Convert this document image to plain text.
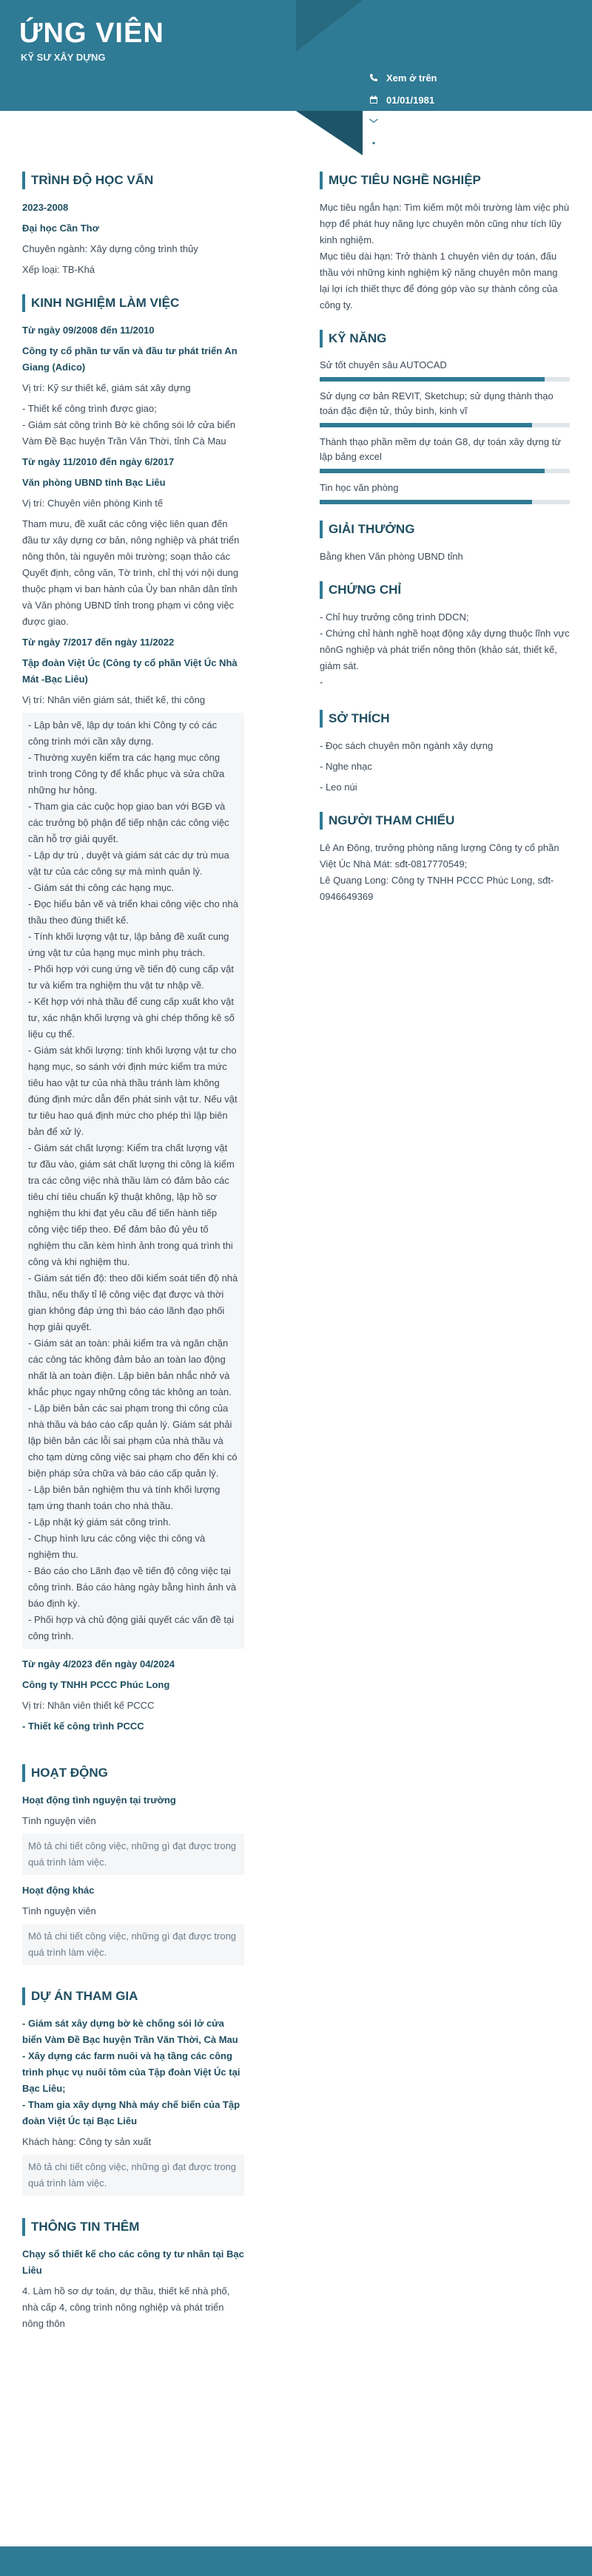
ỨNG VIÊN
KỸ SƯ XÂY DỰNG
Xem ở trên
01/01/1981
Xem ở trên
025c/1, khóm Đầu Lộ A, Nhà Mát, BL
TRÌNH ĐỘ HỌC VẤN

2023-2008

Đại học Cần Thơ

Chuyên ngành: Xây dựng công trình thủy

Xếp loại: TB-Khá

KINH NGHIỆM LÀM VIỆC

Từ ngày 09/2008 đến 11/2010

Công ty cổ phần tư vấn và đầu tư phát triển An Giang (Adico)

Vị trí: Kỹ sư thiết kế, giám sát xây dựng

- Thiết kế công trình được giao;

- Giám sát công trình Bờ kè chống sói lở cửa biển Vàm Đề Bạc huyện Trần Văn Thời, tỉnh Cà Mau

Từ ngày 11/2010 đến ngày 6/2017

Văn phòng UBND tỉnh Bạc Liêu

Vị trí: Chuyên viên phòng Kinh tế

Tham mưu, đề xuất các công việc liên quan đến đầu tư xây dựng cơ bản, nông nghiệp và phát triển nông thôn, tài nguyên môi trường; soạn thảo các Quyết định, công văn, Tờ trình, chỉ thị với nội dung thuộc phạm vi ban hành của Ủy ban nhân dân tỉnh và Văn phòng UBND tỉnh trong phạm vi công việc được giao.

Từ ngày 7/2017 đến ngày 11/2022

Tập đoàn Việt Úc (Công ty cổ phần Việt Úc Nhà Mát -Bạc Liêu)

Vị trí: Nhân viên giám sát, thiết kế, thi công

- Lập bản vẽ, lập dự toán khi Công ty có các công trình mới cần xây dựng.

- Thường xuyên kiểm tra các hạng mục công trình trong Công ty để khắc phục và sửa chữa những hư hỏng.

- Tham gia các cuộc họp giao ban với BGĐ và các trưởng bộ phận để tiếp nhận các công việc cần hỗ trợ giải quyết.

- Lập dự trù , duyệt và giám sát các dự trù mua vật tư của các công sự mà mình quản lý.

- Giám sát thi công các hạng mục.

- Đọc hiểu bản vẽ và triển khai công việc cho nhà thầu theo đúng thiết kế.

- Tính khối lượng vật tư, lập bảng đề xuất cung ứng vật tư của hạng mục mình phụ trách.

- Phối hợp với cung ứng về tiến độ cung cấp vật tư và kiểm tra nghiệm thu vật tư nhập về.

- Kết hợp với nhà thầu để cung cấp xuất kho vật tư, xác nhận khối lượng và ghi chép thống kê số liệu cụ thể.

- Giám sát khối lượng: tính khối lượng vật tư cho hạng mục, so sánh với định mức kiểm tra mức tiêu hao vật tư của nhà thầu tránh làm không đúng định mức dẫn đến phát sinh vật tư. Nếu vật tư tiêu hao quá định mức cho phép thì lập biên bản để xử lý.

- Giám sát chất lượng: Kiểm tra chất lượng vật tư đầu vào, giám sát chất lượng thi công là kiểm tra các công việc nhà thầu làm có đảm bảo các tiêu chí tiêu chuẩn kỹ thuật không, lập hồ sơ nghiệm thu khi đạt yêu cầu để tiến hành tiếp công việc tiếp theo. Để đảm bảo đủ yêu tố nghiệm thu cần kèm hình ảnh trong quá trình thi công và khi nghiệm thu.

- Giám sát tiến độ: theo dõi kiểm soát tiến độ nhà thầu, nếu thấy tỉ lệ công việc đạt được và thời gian không đáp ứng thì báo cáo lãnh đạo phối hợp giải quyết.

- Giám sát an toàn: phải kiểm tra và ngăn chặn các công tác không đảm bảo an toàn lao động nhất là an toàn điện. Lập biên bản nhắc nhở và khắc phục ngay những công tác không an toàn.

- Lập biên bản các sai phạm trong thi công của nhà thầu và báo cáo cấp quản lý. Giám sát phải lập biên bản các lỗi sai phạm của nhà thầu và cho tạm dừng công việc sai phạm cho đến khi có biện pháp sửa chữa và báo cáo cấp quản lý.

- Lập biên bản nghiệm thu và tính khối lượng tạm ứng thanh toán cho nhà thầu.

- Lập nhật ký giám sát công trình.

- Chụp hình lưu các công việc thi công và nghiệm thu.

- Báo cáo cho Lãnh đạo về tiến độ công việc tại công trình. Báo cáo hàng ngày bằng hình ảnh và báo định kỳ.

- Phối hợp và chủ động giải quyết các vấn đề tại công trình.

Từ ngày 4/2023 đến ngày 04/2024

Công ty TNHH PCCC Phúc Long

Vị trí: Nhân viên thiết kế PCCC

- Thiết kế công trình PCCC

HOẠT ĐỘNG

Hoạt động tình nguyện tại trường

Tình nguyện viên

Mô tả chi tiết công việc, những gì đạt được trong quá trình làm việc.

Hoạt động khác

Tình nguyện viên

Mô tả chi tiết công việc, những gì đạt được trong quá trình làm việc.

DỰ ÁN THAM GIA

- Giám sát xây dựng bờ kè chống sói lở cửa biển Vàm Đề Bạc huyện Trần Văn Thời, Cà Mau

- Xây dựng các farm nuôi và hạ tầng các công trình phục vụ nuôi tôm của Tập đoàn Việt Úc tại Bạc Liêu;

- Tham gia xây dựng Nhà máy chế biến của Tập đoàn Việt Úc tại Bạc Liêu

Khách hàng: Công ty sản xuất

Mô tả chi tiết công việc, những gì đạt được trong quá trình làm việc.

THÔNG TIN THÊM

Chạy sổ thiết kế cho các công ty tư nhân tại Bạc Liêu

4. Làm hồ sơ dự toán, dự thầu, thiết kế nhà phố, nhà cấp 4, công trình nông nghiệp và phát triển nông thôn

MỤC TIÊU NGHỀ NGHIỆP

Mục tiêu ngắn hạn: Tìm kiếm một môi trường làm việc phù hợp để phát huy năng lực chuyên môn cũng như tích lũy kinh nghiệm.

Mục tiêu dài hạn: Trở thành 1 chuyên viên dự toán, đấu thầu với những kinh nghiệm kỹ năng chuyên môn mang lại lợi ích thiết thực để đóng góp vào sự thành công của công ty.

KỸ NĂNG
Sử tốt chuyên sâu AUTOCAD
Sử dụng cơ bản REVIT, Sketchup; sử dụng thành thạo toán đặc điện tử, thủy bình, kinh vĩ
Thành thạo phần mềm dự toán G8, dự toán xây dựng từ lập bảng excel
Tin học văn phòng
GIẢI THƯỞNG

Bằng khen Văn phòng UBND tỉnh

CHỨNG CHỈ

- Chỉ huy trưởng công trình DDCN;

- Chứng chỉ hành nghề hoạt động xây dựng thuộc lĩnh vực nônG nghiệp và phát triển nông thôn (khảo sát, thiết kế, giám sát.

-

SỞ THÍCH

- Đọc sách chuyên môn ngành xây dựng

- Nghe nhạc

- Leo núi

NGƯỜI THAM CHIẾU

Lê An Đông, trưởng phòng năng lượng Công ty cổ phần Việt Úc Nhà Mát: sđt-0817770549;

Lê Quang Long: Công ty TNHH PCCC Phúc Long, sđt-0946649369
